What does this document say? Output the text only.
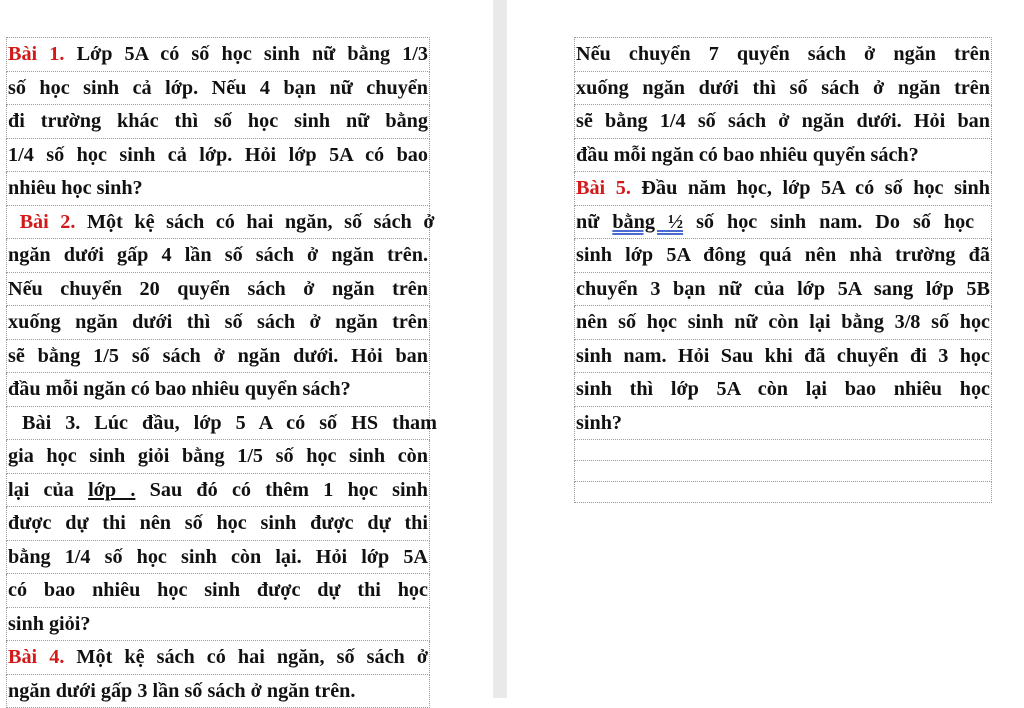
Bài 1. Lớp 5A có số học sinh nữ bằng 1/3
số học sinh cả lớp. Nếu 4 bạn nữ chuyển
đi trường khác thì số học sinh nữ bằng
1/4 số học sinh cả lớp. Hỏi lớp 5A có bao
nhiêu học sinh?
Bài 2. Một kệ sách có hai ngăn, số sách ở
ngăn dưới gấp 4 lần số sách ở ngăn trên.
Nếu chuyển 20 quyển sách ở ngăn trên
xuống ngăn dưới thì số sách ở ngăn trên
sẽ bằng 1/5 số sách ở ngăn dưới. Hỏi ban
đầu mỗi ngăn có bao nhiêu quyển sách?
Bài 3. Lúc đầu, lớp 5 A có số HS tham
gia học sinh giỏi bằng 1/5 số học sinh còn
lại của lớp . Sau đó có thêm 1 học sinh
được dự thi nên số học sinh được dự thi
bằng 1/4 số học sinh còn lại. Hỏi lớp 5A
có bao nhiêu học sinh được dự thi học
sinh giỏi?
Bài 4. Một kệ sách có hai ngăn, số sách ở
ngăn dưới gấp 3 lần số sách ở ngăn trên.
Nếu chuyển 7 quyển sách ở ngăn trên
xuống ngăn dưới thì số sách ở ngăn trên
sẽ bằng 1/4 số sách ở ngăn dưới. Hỏi ban
đầu mỗi ngăn có bao nhiêu quyển sách?
Bài 5. Đầu năm học, lớp 5A có số học sinh
nữ bằng ½ số học sinh nam. Do số học
sinh lớp 5A đông quá nên nhà trường đã
chuyển 3 bạn nữ của lớp 5A sang lớp 5B
nên số học sinh nữ còn lại bằng 3/8 số học
sinh nam. Hỏi Sau khi đã chuyển đi 3 học
sinh thì lớp 5A còn lại bao nhiêu học
sinh?
